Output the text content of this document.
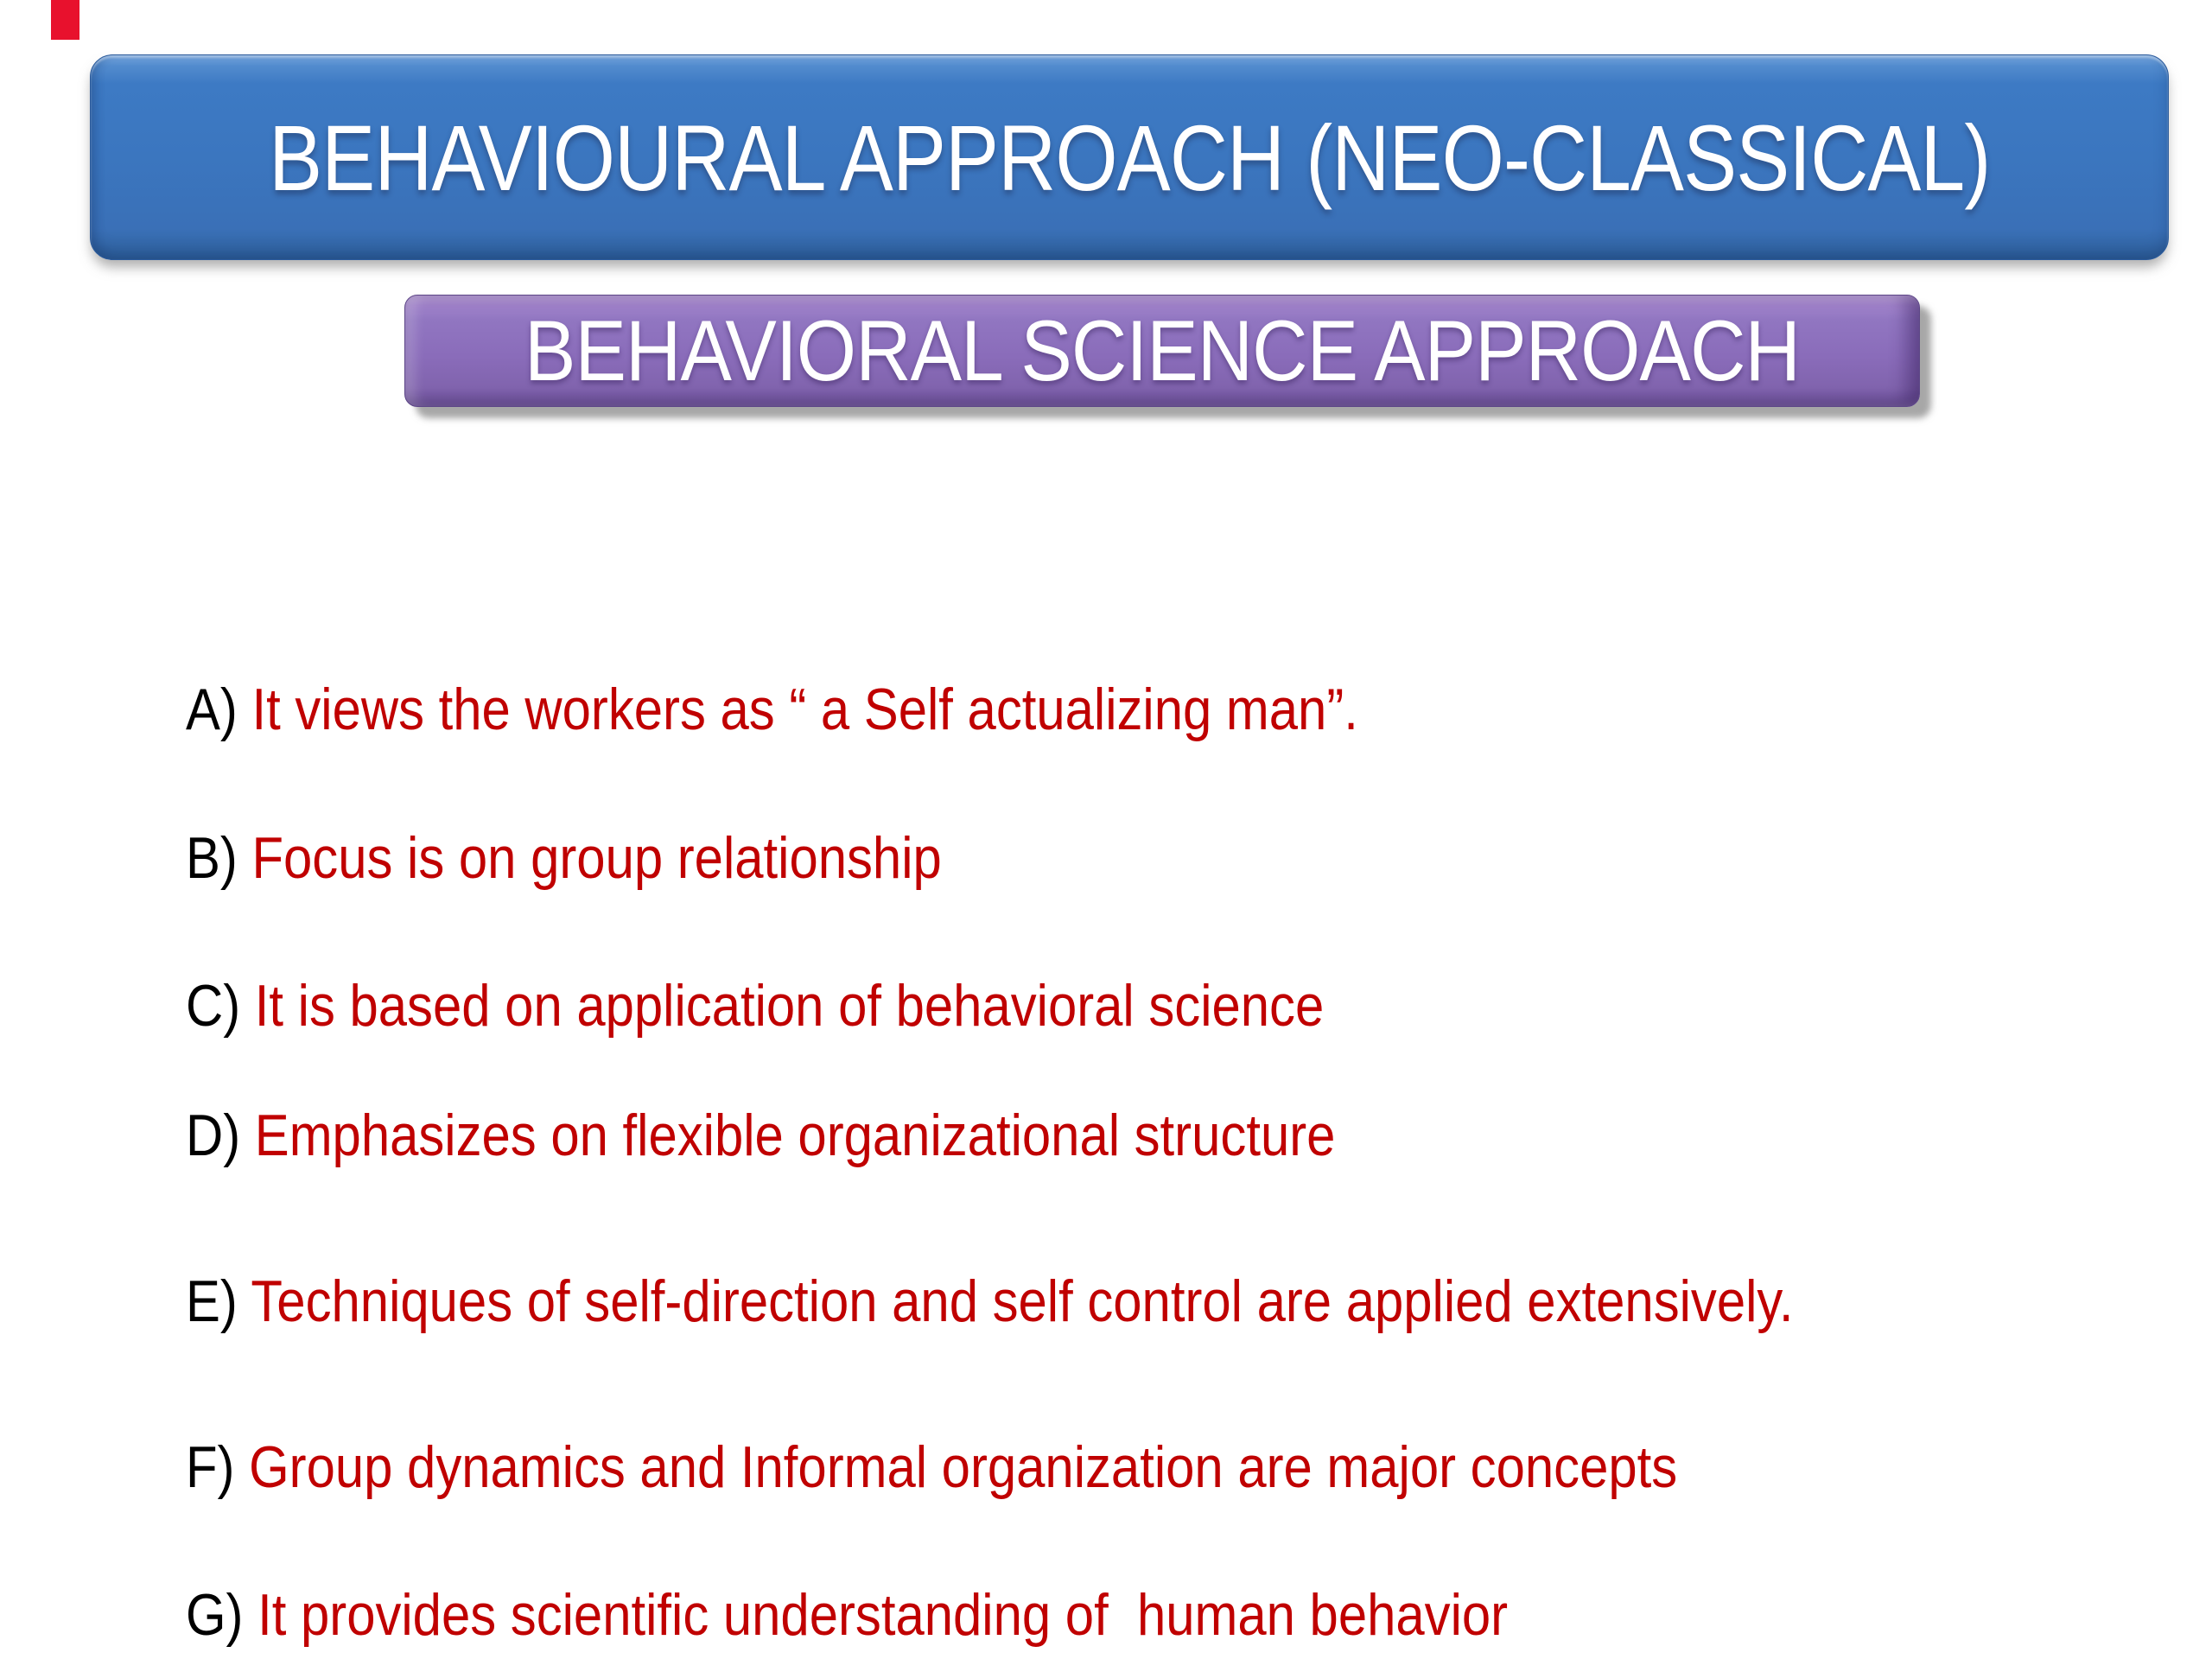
BEHAVIOURAL APPROACH (NEO-CLASSICAL)
BEHAVIORAL SCIENCE APPROACH

A) It views the workers as “ a Self actualizing man”.

B) Focus is on group relationship

C) It is based on application of behavioral science

D) Emphasizes on flexible organizational structure

E) Techniques of self-direction and self control are applied extensively.

F) Group dynamics and Informal organization are major concepts

G) It provides scientific understanding of  human behavior
